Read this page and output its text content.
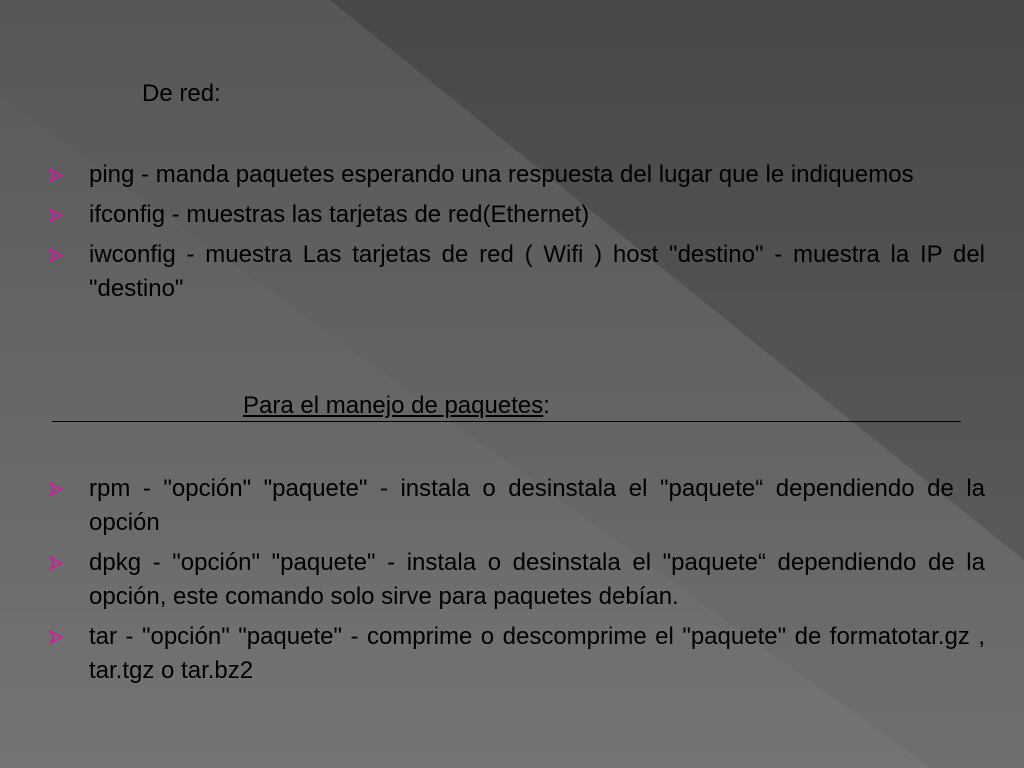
De red:
ping - manda paquetes esperando una respuesta del lugar que le indiquemos
ifconfig - muestras las tarjetas de red(Ethernet)
iwconfig - muestra Las tarjetas de red ( Wifi ) host "destino" - muestra la IP del "destino"
Para el manejo de paquetes:
rpm - "opción" "paquete" - instala o desinstala el "paquete“ dependiendo de la opción
dpkg - "opción" "paquete" - instala o desinstala el "paquete“ dependiendo de la opción, este comando solo sirve para paquetes debían.
tar - "opción" "paquete" - comprime o descomprime el "paquete" de formatotar.gz , tar.tgz o tar.bz2
